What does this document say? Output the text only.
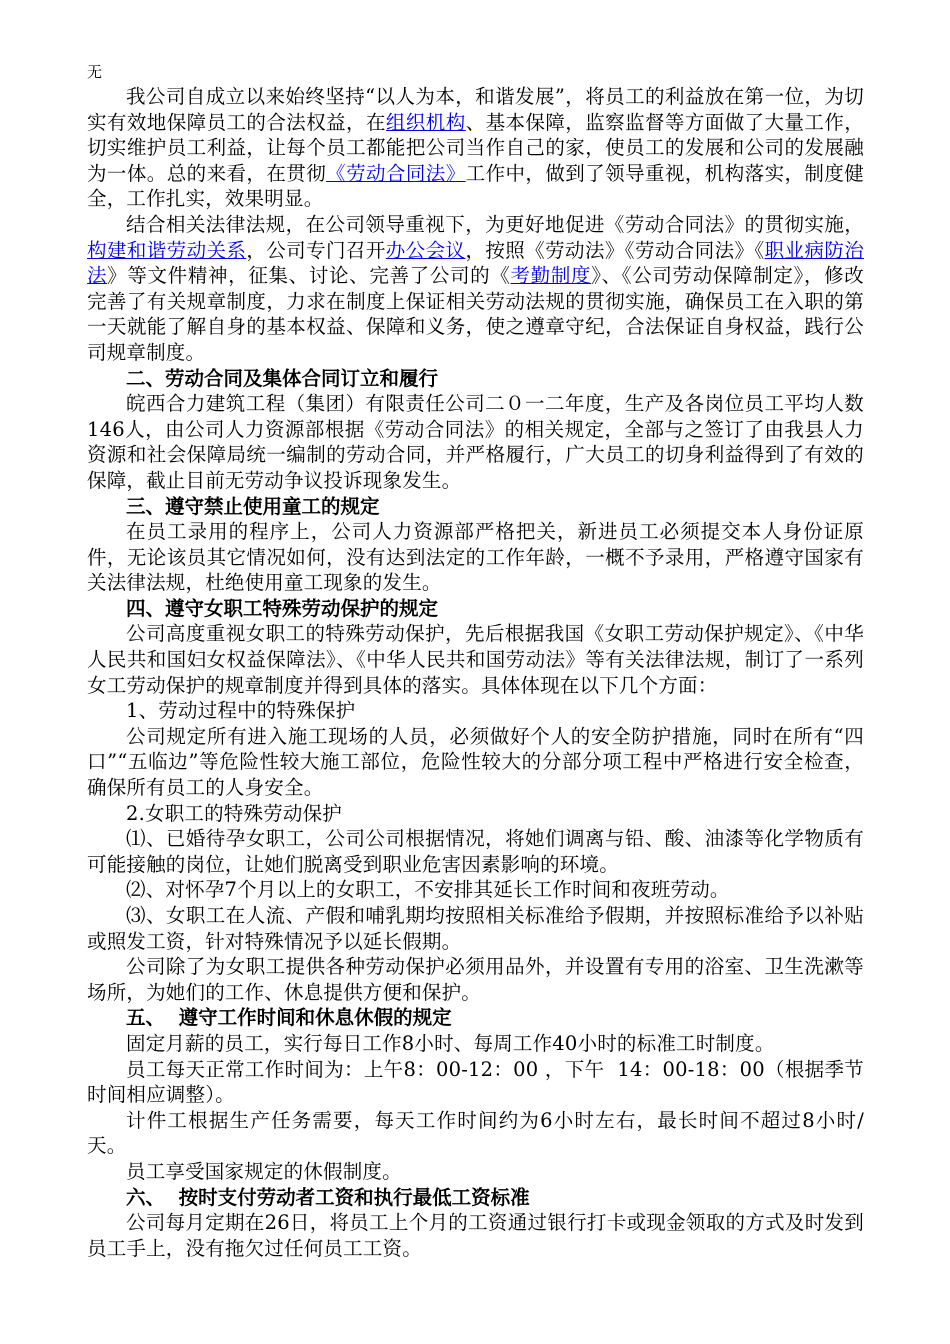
无

我公司自成立以来始终坚持“以人为本，和谐发展”，将员工的利益放在第一位，为切实有效地保障员工的合法权益，在组织机构、基本保障，监察监督等方面做了大量工作，切实维护员工利益，让每个员工都能把公司当作自己的家，使员工的发展和公司的发展融为一体。总的来看，在贯彻《劳动合同法》工作中，做到了领导重视，机构落实，制度健全，工作扎实，效果明显。

结合相关法律法规，在公司领导重视下，为更好地促进《劳动合同法》的贯彻实施，构建和谐劳动关系，公司专门召开办公会议，按照《劳动法》《劳动合同法》《职业病防治法》等文件精神，征集、讨论、完善了公司的《考勤制度》、《公司劳动保障制定》，修改完善了有关规章制度，力求在制度上保证相关劳动法规的贯彻实施，确保员工在入职的第一天就能了解自身的基本权益、保障和义务，使之遵章守纪，合法保证自身权益，践行公司规章制度。

二、劳动合同及集体合同订立和履行

皖西合力建筑工程（集团）有限责任公司二０一二年度，生产及各岗位员工平均人数146人，由公司人力资源部根据《劳动合同法》的相关规定，全部与之签订了由我县人力资源和社会保障局统一编制的劳动合同，并严格履行，广大员工的切身利益得到了有效的保障，截止目前无劳动争议投诉现象发生。

三、遵守禁止使用童工的规定

在员工录用的程序上，公司人力资源部严格把关，新进员工必须提交本人身份证原件，无论该员其它情况如何，没有达到法定的工作年龄，一概不予录用，严格遵守国家有关法律法规，杜绝使用童工现象的发生。

四、遵守女职工特殊劳动保护的规定

公司高度重视女职工的特殊劳动保护，先后根据我国《女职工劳动保护规定》、《中华人民共和国妇女权益保障法》、《中华人民共和国劳动法》等有关法律法规，制订了一系列女工劳动保护的规章制度并得到具体的落实。具体体现在以下几个方面：

1、劳动过程中的特殊保护

公司规定所有进入施工现场的人员，必须做好个人的安全防护措施，同时在所有“四口”“五临边”等危险性较大施工部位，危险性较大的分部分项工程中严格进行安全检查，确保所有员工的人身安全。

2.女职工的特殊劳动保护

⑴、已婚待孕女职工，公司公司根据情况，将她们调离与铅、酸、油漆等化学物质有可能接触的岗位，让她们脱离受到职业危害因素影响的环境。

⑵、对怀孕7个月以上的女职工，不安排其延长工作时间和夜班劳动。

⑶、女职工在人流、产假和哺乳期均按照相关标准给予假期，并按照标准给予以补贴或照发工资，针对特殊情况予以延长假期。

公司除了为女职工提供各种劳动保护必须用品外，并设置有专用的浴室、卫生洗漱等场所，为她们的工作、休息提供方便和保护。

五、  遵守工作时间和休息休假的规定

固定月薪的员工，实行每日工作8小时、每周工作40小时的标准工时制度。

员工每天正常工作时间为：上午8：00-12：00 ，下午  14：00-18：00（根据季节时间相应调整）。

计件工根据生产任务需要，每天工作时间约为6小时左右，最长时间不超过8小时/天。

员工享受国家规定的休假制度。

六、  按时支付劳动者工资和执行最低工资标准

公司每月定期在26日，将员工上个月的工资通过银行打卡或现金领取的方式及时发到员工手上，没有拖欠过任何员工工资。
